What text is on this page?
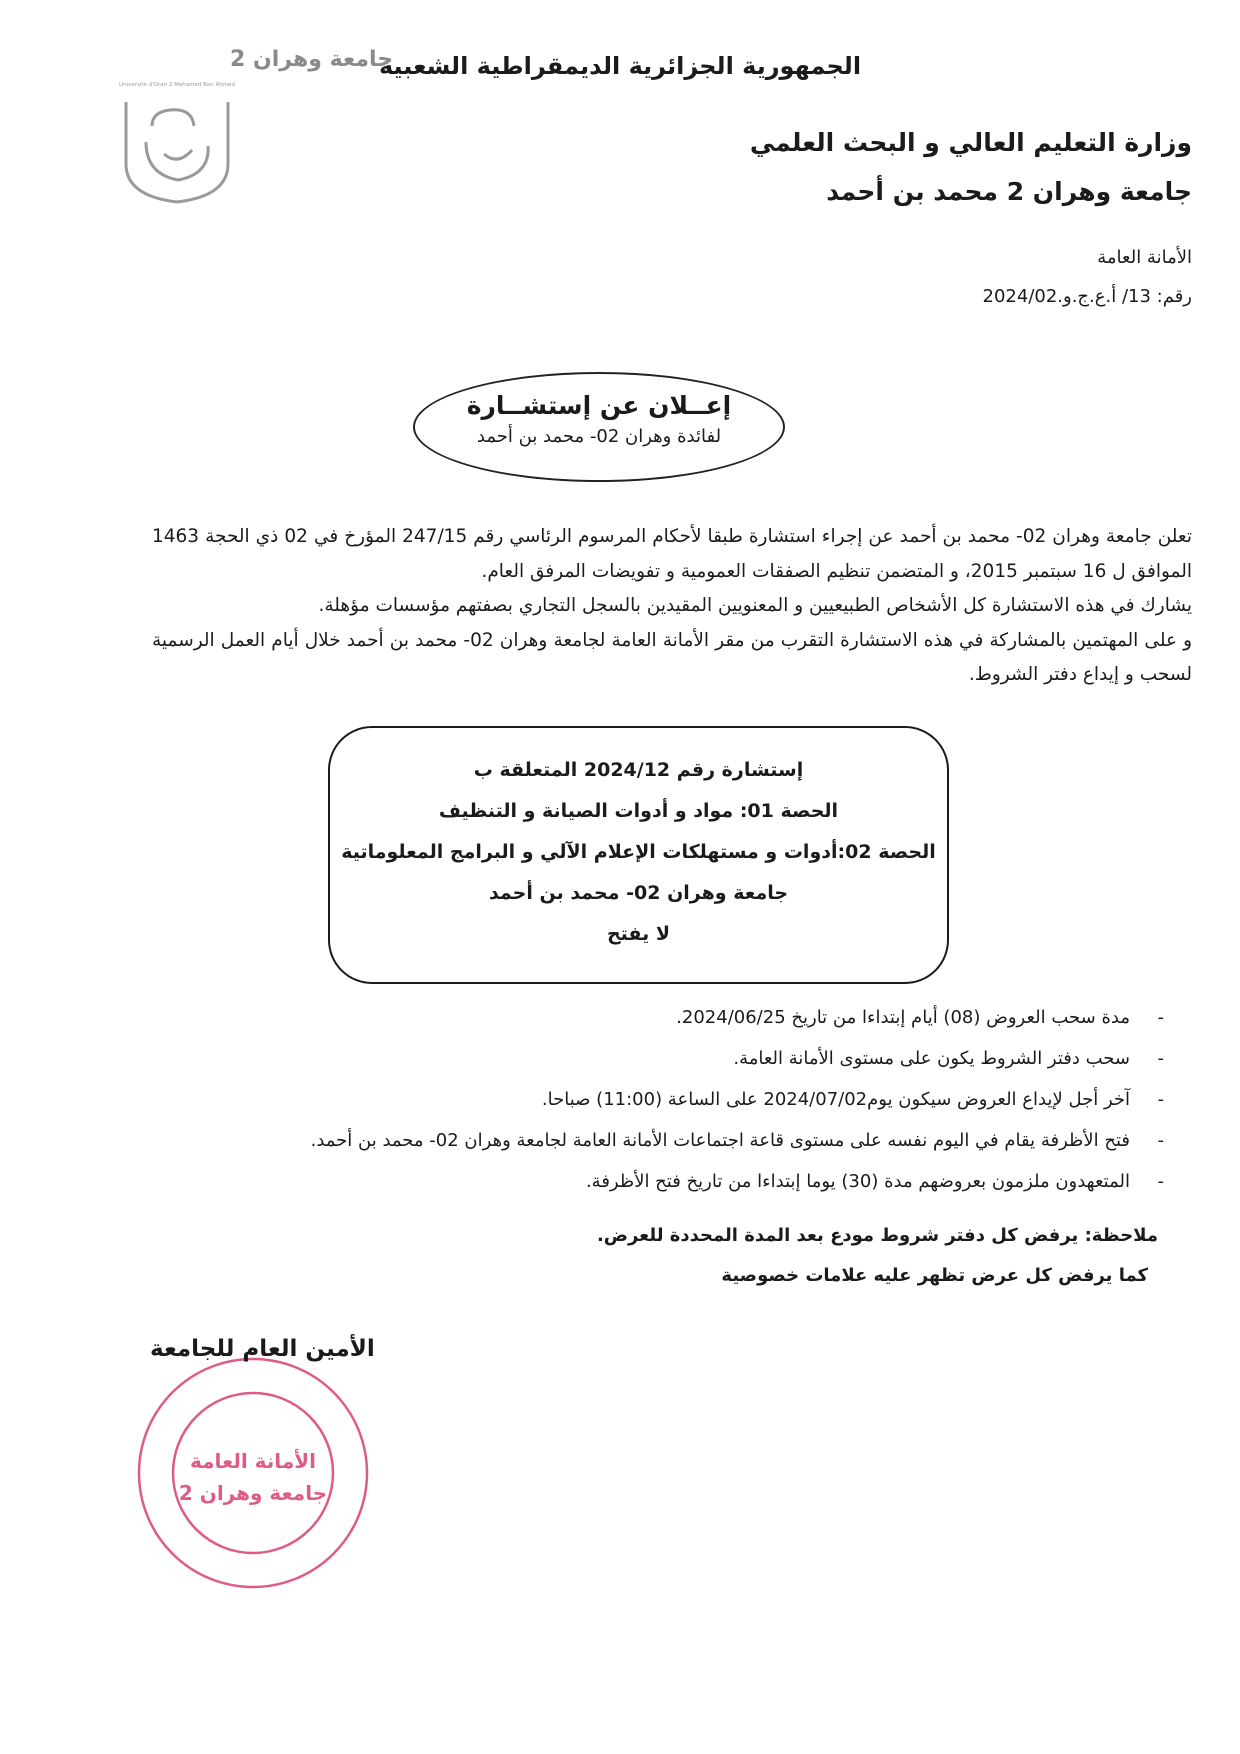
الجمهورية الجزائرية الديمقراطية الشعبية
وزارة التعليم العالي و البحث العلمي
جامعة وهران 2 محمد بن أحمد
الأمانة العامة
رقم: 13/ أ.ع.ج.و.2024/02
جامعة وهران 2
Université d'Oran 2 Mohamed Ben Ahmed
إعــلان عن إستشــارة
لفائدة وهران 02- محمد بن أحمد

تعلن جامعة وهران 02- محمد بن أحمد عن إجراء استشارة طبقا لأحكام المرسوم الرئاسي رقم 247/15 المؤرخ في 02 ذي الحجة 1463 الموافق ل 16 سبتمبر 2015، و المتضمن تنظيم الصفقات العمومية و تفويضات المرفق العام.

يشارك في هذه الاستشارة كل الأشخاص الطبيعيين و المعنويين المقيدين بالسجل التجاري بصفتهم مؤسسات مؤهلة.

و على المهتمين بالمشاركة في هذه الاستشارة التقرب من مقر الأمانة العامة لجامعة وهران 02- محمد بن أحمد خلال أيام العمل الرسمية لسحب و إيداع دفتر الشروط.

إستشارة رقم 2024/12 المتعلقة ب
الحصة 01: مواد و أدوات الصيانة و التنظيف
الحصة 02:أدوات و مستهلكات الإعلام الآلي و البرامج المعلوماتية
جامعة وهران 02- محمد بن أحمد
لا يفتح
-
مدة سحب العروض (08) أيام إبتداءا من تاريخ 2024/06/25.
-
سحب دفتر الشروط يكون على مستوى الأمانة العامة.
-
آخر أجل لإيداع العروض سيكون يوم2024/07/02 على الساعة (11:00) صباحا.
-
فتح الأظرفة يقام في اليوم نفسه على مستوى قاعة اجتماعات الأمانة العامة لجامعة وهران 02- محمد بن أحمد.
-
المتعهدون ملزمون بعروضهم مدة (30) يوما إبتداءا من تاريخ فتح الأظرفة.
ملاحظة: يرفض كل دفتر شروط مودع بعد المدة المحددة للعرض.
كما يرفض كل عرض تظهر عليه علامات خصوصية
الأمانة العامة
جامعة وهران 2
الأمين العام للجامعة
